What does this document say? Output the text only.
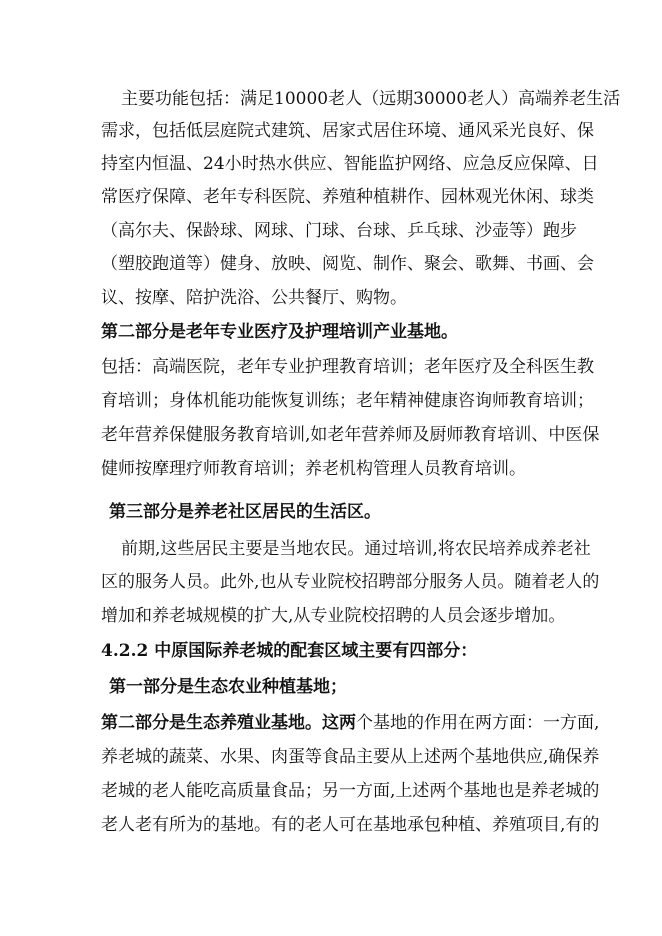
主要功能包括：满足10000老人（远期30000老人）高端养老生活
需求，包括低层庭院式建筑、居家式居住环境、通风采光良好、保
持室内恒温、24小时热水供应、智能监护网络、应急反应保障、日
常医疗保障、老年专科医院、养殖种植耕作、园林观光休闲、球类
（高尔夫、保龄球、网球、门球、台球、乒乓球、沙壶等）跑步
（塑胶跑道等）健身、放映、阅览、制作、聚会、歌舞、书画、会
议、按摩、陪护洗浴、公共餐厅、购物。
第二部分是老年专业医疗及护理培训产业基地。
包括：高端医院，老年专业护理教育培训；老年医疗及全科医生教
育培训；身体机能功能恢复训练；老年精神健康咨询师教育培训；
老年营养保健服务教育培训,如老年营养师及厨师教育培训、中医保
健师按摩理疗师教育培训；养老机构管理人员教育培训。
第三部分是养老社区居民的生活区。
前期,这些居民主要是当地农民。通过培训,将农民培养成养老社
区的服务人员。此外,也从专业院校招聘部分服务人员。随着老人的
增加和养老城规模的扩大,从专业院校招聘的人员会逐步增加。
4.2.2 中原国际养老城的配套区域主要有四部分：
第一部分是生态农业种植基地；
第二部分是生态养殖业基地。这两个基地的作用在两方面：一方面,
养老城的蔬菜、水果、肉蛋等食品主要从上述两个基地供应,确保养
老城的老人能吃高质量食品；另一方面,上述两个基地也是养老城的
老人老有所为的基地。有的老人可在基地承包种植、养殖项目,有的
